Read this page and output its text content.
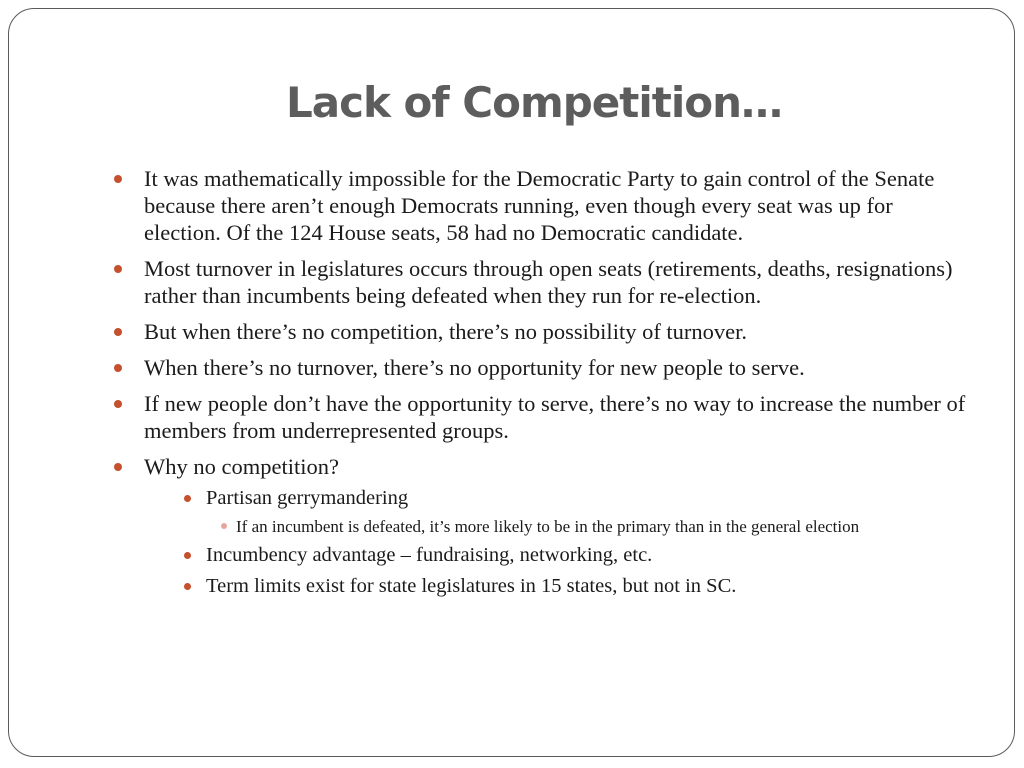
Lack of Competition…
It was mathematically impossible for the Democratic Party to gain control of the Senate because there aren’t enough Democrats running, even though every seat was up for election. Of the 124 House seats, 58 had no Democratic candidate.
Most turnover in legislatures occurs through open seats (retirements, deaths, resignations) rather than incumbents being defeated when they run for re-election.
But when there’s no competition, there’s no possibility of turnover.
When there’s no turnover, there’s no opportunity for new people to serve.
If new people don’t have the opportunity to serve, there’s no way to increase the number of members from underrepresented groups.
Why no competition?
Partisan gerrymandering
If an incumbent is defeated, it’s more likely to be in the primary than in the general election
Incumbency advantage – fundraising, networking, etc.
Term limits exist for state legislatures in 15 states, but not in SC.
